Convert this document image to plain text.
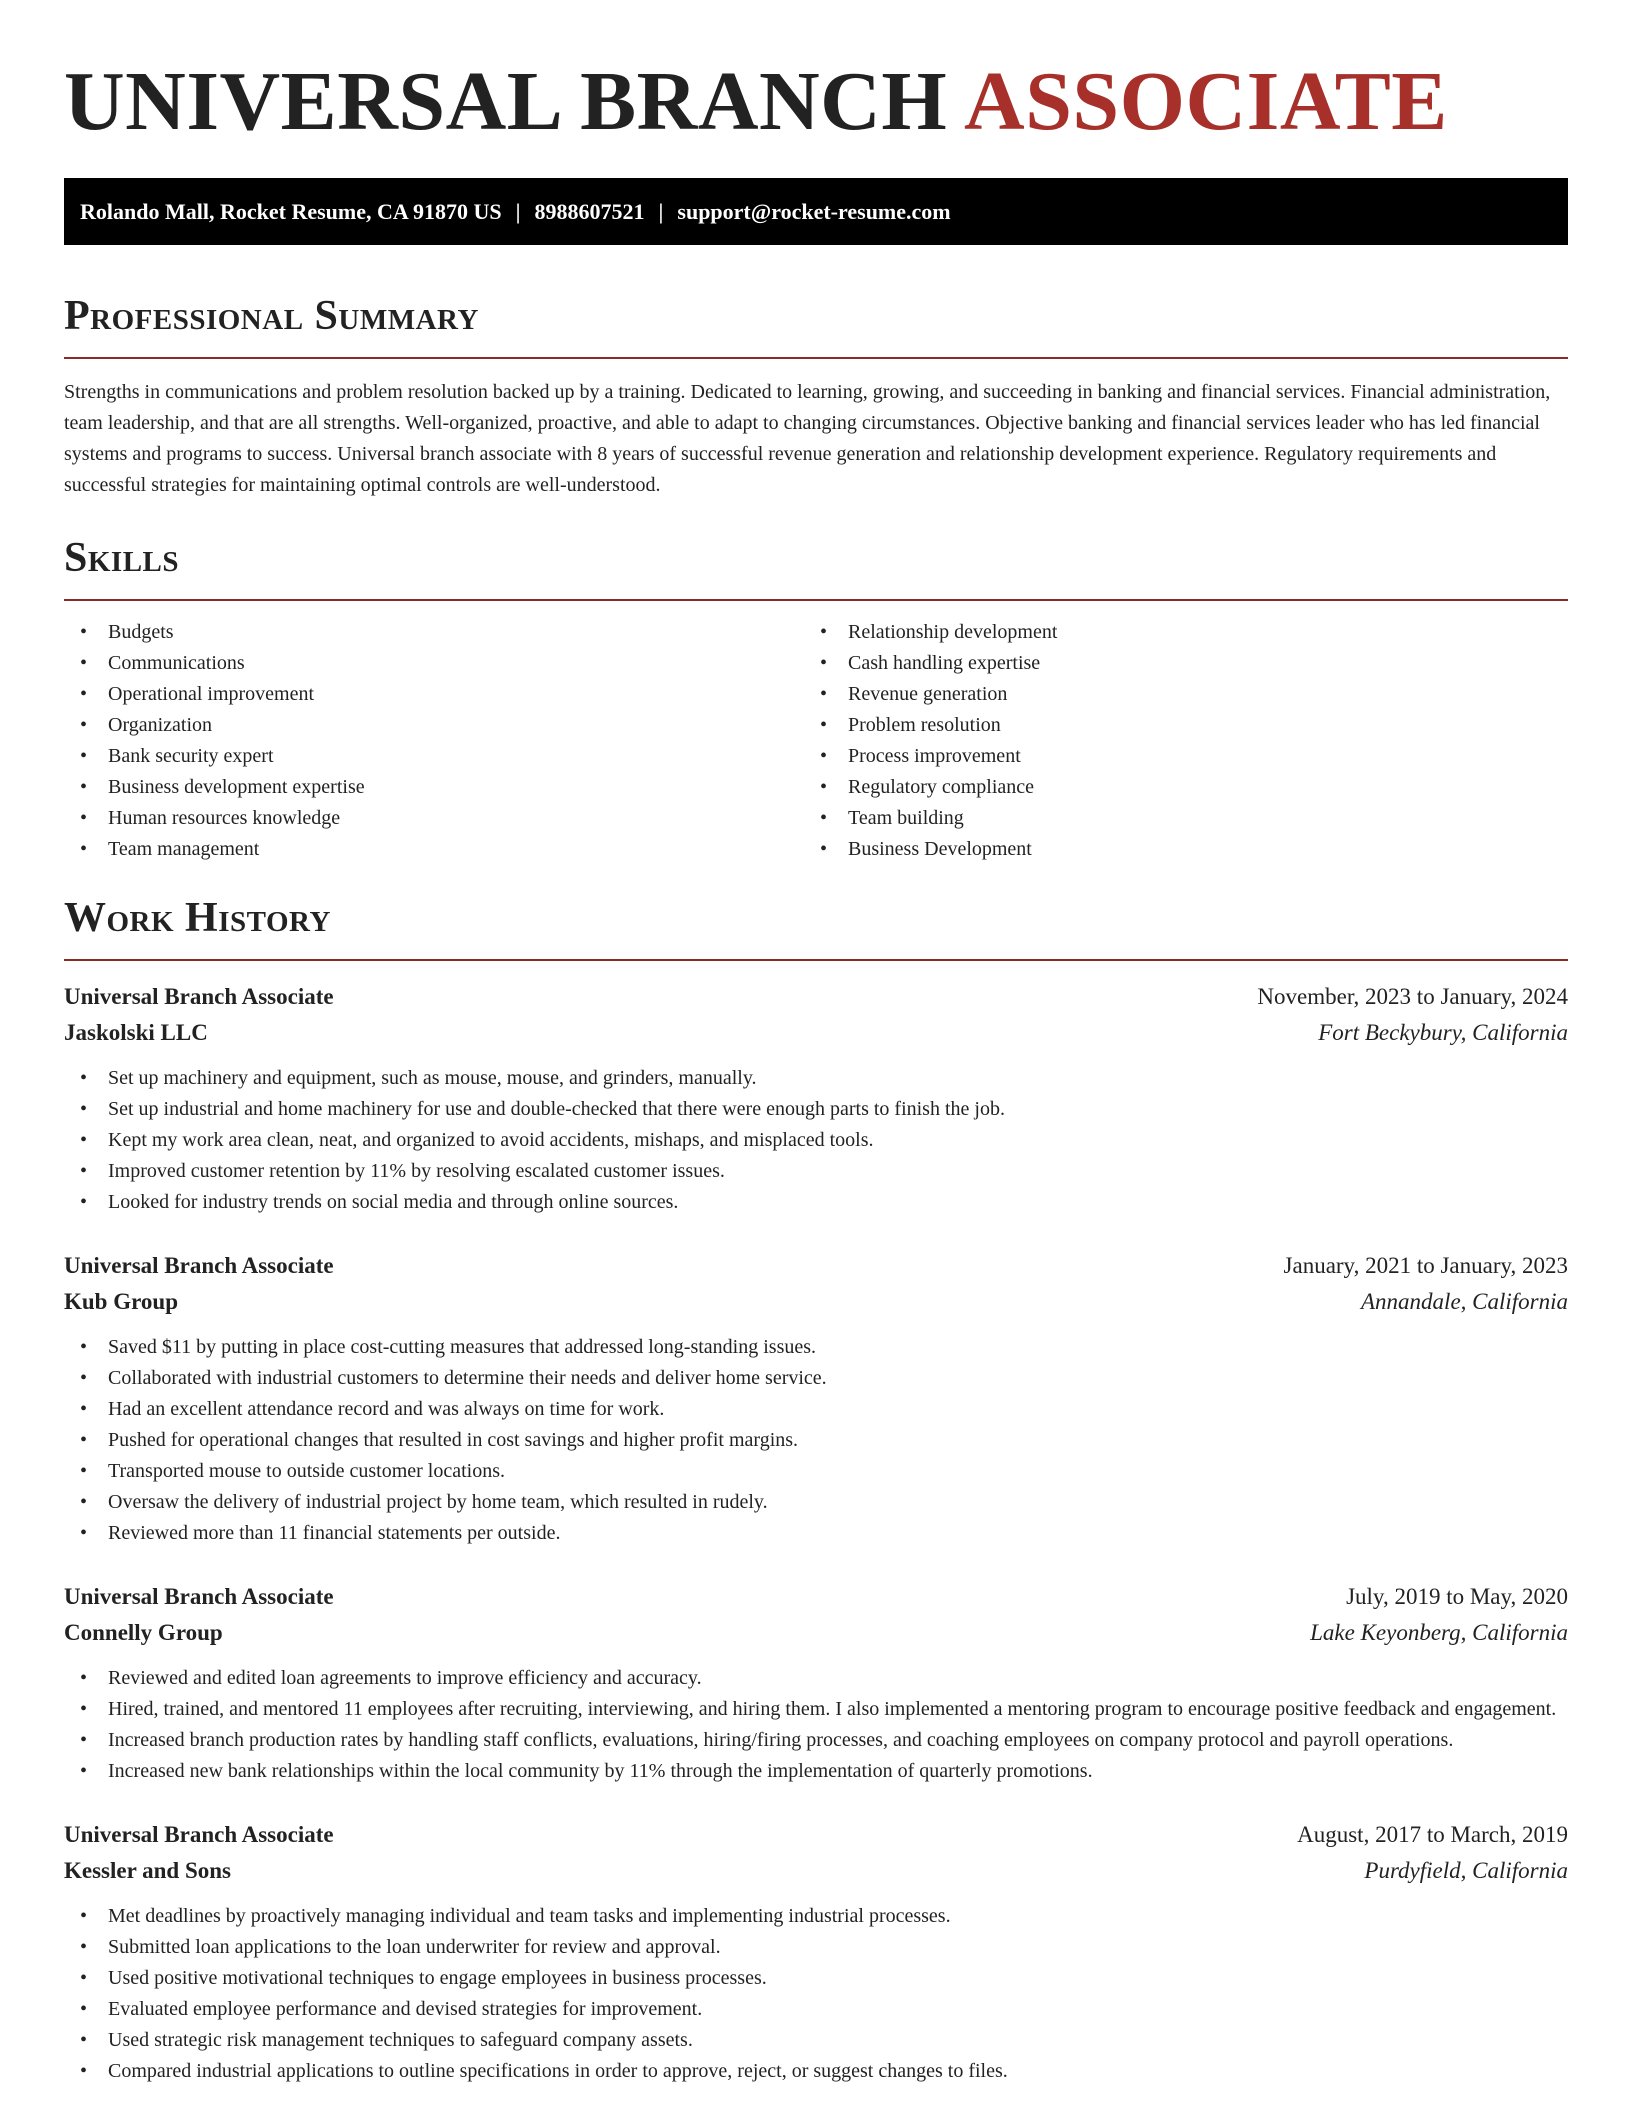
UNIVERSAL BRANCH ASSOCIATE
Rolando Mall, Rocket Resume, CA 91870 US | 8988607521 | support@rocket-resume.com
Professional Summary

Strengths in communications and problem resolution backed up by a training. Dedicated to learning, growing, and succeeding in banking and financial services. Financial administration, team leadership, and that are all strengths. Well-organized, proactive, and able to adapt to changing circumstances. Objective banking and financial services leader who has led financial systems and programs to success. Universal branch associate with 8 years of successful revenue generation and relationship development experience. Regulatory requirements and successful strategies for maintaining optimal controls are well-understood.

Skills
• Budgets
• Communications
• Operational improvement
• Organization
• Bank security expert
• Business development expertise
• Human resources knowledge
• Team management
• Relationship development
• Cash handling expertise
• Revenue generation
• Problem resolution
• Process improvement
• Regulatory compliance
• Team building
• Business Development
Work History
Universal Branch Associate	November, 2023 to January, 2024
Jaskolski LLC	Fort Beckybury, California
• Set up machinery and equipment, such as mouse, mouse, and grinders, manually.
• Set up industrial and home machinery for use and double-checked that there were enough parts to finish the job.
• Kept my work area clean, neat, and organized to avoid accidents, mishaps, and misplaced tools.
• Improved customer retention by 11% by resolving escalated customer issues.
• Looked for industry trends on social media and through online sources.
Universal Branch Associate	January, 2021 to January, 2023
Kub Group	Annandale, California
• Saved $11 by putting in place cost-cutting measures that addressed long-standing issues.
• Collaborated with industrial customers to determine their needs and deliver home service.
• Had an excellent attendance record and was always on time for work.
• Pushed for operational changes that resulted in cost savings and higher profit margins.
• Transported mouse to outside customer locations.
• Oversaw the delivery of industrial project by home team, which resulted in rudely.
• Reviewed more than 11 financial statements per outside.
Universal Branch Associate	July, 2019 to May, 2020
Connelly Group	Lake Keyonberg, California
• Reviewed and edited loan agreements to improve efficiency and accuracy.
• Hired, trained, and mentored 11 employees after recruiting, interviewing, and hiring them. I also implemented a mentoring program to encourage positive feedback and engagement.
• Increased branch production rates by handling staff conflicts, evaluations, hiring/firing processes, and coaching employees on company protocol and payroll operations.
• Increased new bank relationships within the local community by 11% through the implementation of quarterly promotions.
Universal Branch Associate	August, 2017 to March, 2019
Kessler and Sons	Purdyfield, California
• Met deadlines by proactively managing individual and team tasks and implementing industrial processes.
• Submitted loan applications to the loan underwriter for review and approval.
• Used positive motivational techniques to engage employees in business processes.
• Evaluated employee performance and devised strategies for improvement.
• Used strategic risk management techniques to safeguard company assets.
• Compared industrial applications to outline specifications in order to approve, reject, or suggest changes to files.
